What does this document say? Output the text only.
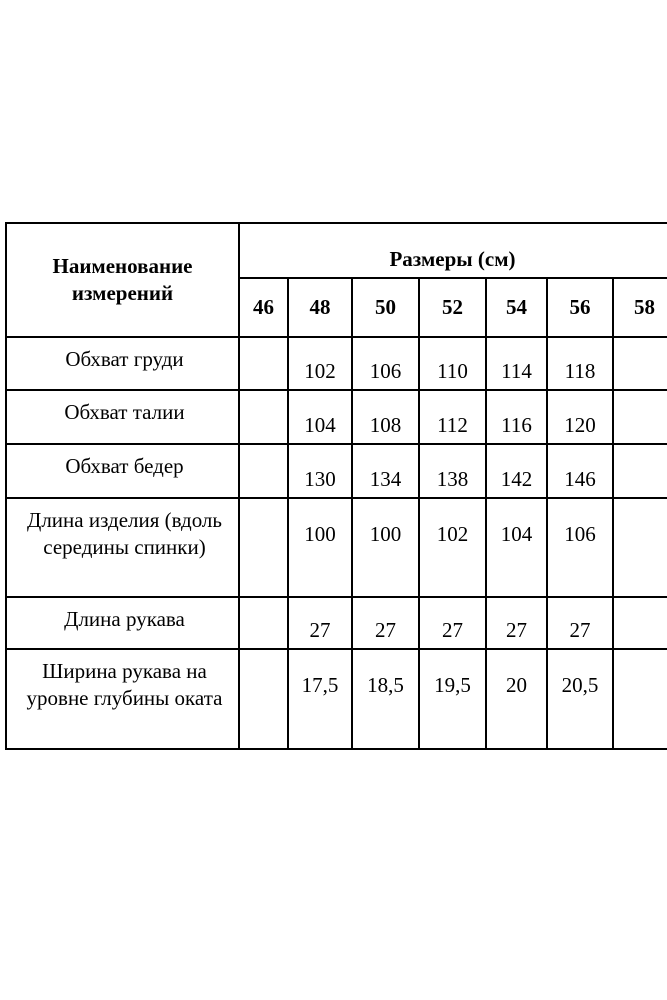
Наименование измерений	Размеры (см)						
	46	48	50	52	54	56	58
Обхват груди		102	106	110	114	118	
Обхват талии		104	108	112	116	120	
Обхват бедер		130	134	138	142	146	
Длина изделия (вдоль середины спинки)		100	100	102	104	106	
Длина рукава		27	27	27	27	27	
Ширина рукава на уровне глубины оката		17,5	18,5	19,5	20	20,5	
